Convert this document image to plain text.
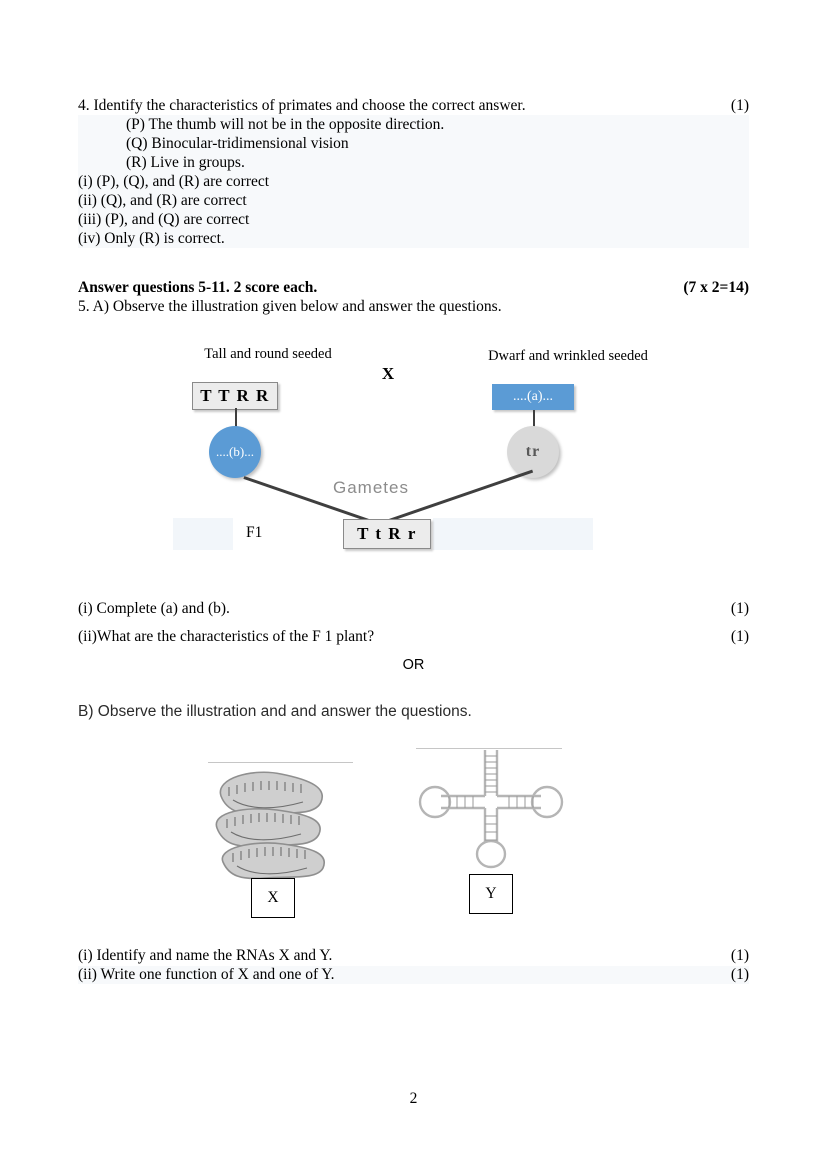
4. Identify the characteristics of primates and choose the correct answer.	(1)
(P) The thumb will not be in the opposite direction.
(Q) Binocular-tridimensional vision
(R) Live in groups.
(i) (P), (Q), and (R) are correct
(ii) (Q), and (R) are correct
(iii) (P), and (Q) are correct
(iv) Only (R) is correct.
Answer questions 5-11. 2 score each.	(7 x 2=14)
5. A) Observe the illustration given below and answer the questions.
Tall and round seeded	Dwarf and wrinkled seeded
X
T T R R	....(a)...
....(b)...	tr
Gametes
F1	T t R r
(i) Complete (a) and (b).	(1)
(ii)What are the characteristics of the F 1 plant?	(1)
OR
B) Observe the illustration and and answer the questions.
X	Y
(i) Identify and name the RNAs X and Y.	(1)
(ii) Write one function of X and one of Y.	(1)
2
